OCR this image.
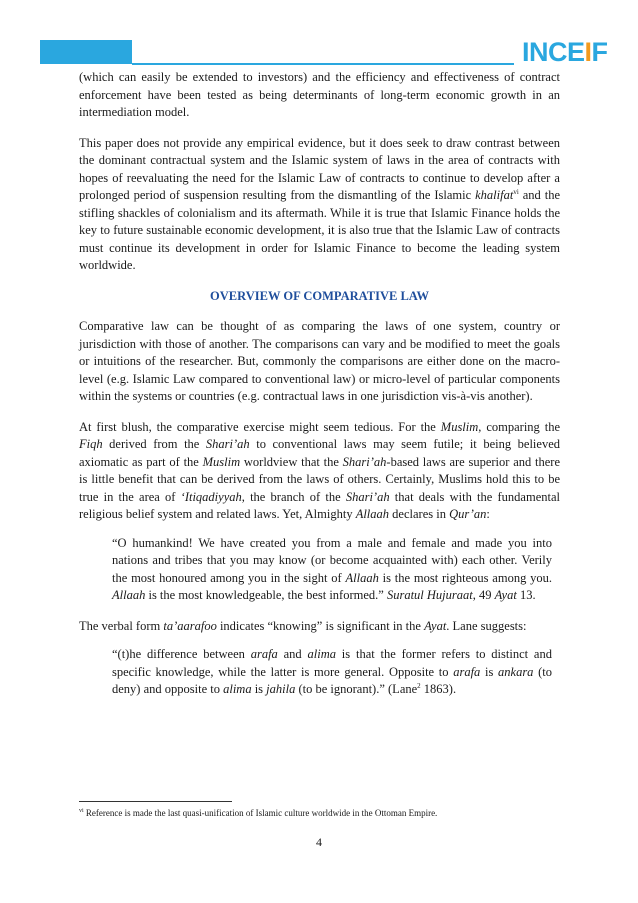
INCEIF

(which can easily be extended to investors) and the efficiency and effectiveness of contract enforcement have been tested as being determinants of long-term economic growth in an intermediation model.

This paper does not provide any empirical evidence, but it does seek to draw contrast between the dominant contractual system and the Islamic system of laws in the area of contracts with hopes of reevaluating the need for the Islamic Law of contracts to continue to develop after a prolonged period of suspension resulting from the dismantling of the Islamic khalifat$^{vi}$ and the stifling shackles of colonialism and its aftermath. While it is true that Islamic Finance holds the key to future sustainable economic development, it is also true that the Islamic Law of contracts must continue its development in order for Islamic Finance to become the leading system worldwide.

OVERVIEW OF COMPARATIVE LAW

Comparative law can be thought of as comparing the laws of one system, country or jurisdiction with those of another. The comparisons can vary and be modified to meet the goals or intuitions of the researcher. But, commonly the comparisons are either done on the macro-level (e.g. Islamic Law compared to conventional law) or micro-level of particular components within the systems or countries (e.g. contractual laws in one jurisdiction vis-à-vis another).

At first blush, the comparative exercise might seem tedious. For the Muslim, comparing the Fiqh derived from the Shari’ah to conventional laws may seem futile; it being believed axiomatic as part of the Muslim worldview that the Shari’ah-based laws are superior and there is little benefit that can be derived from the laws of others. Certainly, Muslims hold this to be true in the area of ‘Itiqadiyyah, the branch of the Shari’ah that deals with the fundamental religious belief system and related laws. Yet, Almighty Allaah declares in Qur’an:

“O humankind! We have created you from a male and female and made you into nations and tribes that you may know (or become acquainted with) each other. Verily the most honoured among you in the sight of Allaah is the most righteous among you. Allaah is the most knowledgeable, the best informed.” Suratul Hujuraat, 49 Ayat 13.

The verbal form ta’aarafoo indicates “knowing” is significant in the Ayat. Lane suggests:

“(t)he difference between arafa and alima is that the former refers to distinct and specific knowledge, while the latter is more general. Opposite to arafa is ankara (to deny) and opposite to alima is jahila (to be ignorant).” (Lane$^2$ 1863).

$^{vi}$ Reference is made the last quasi-unification of Islamic culture worldwide in the Ottoman Empire.
4
